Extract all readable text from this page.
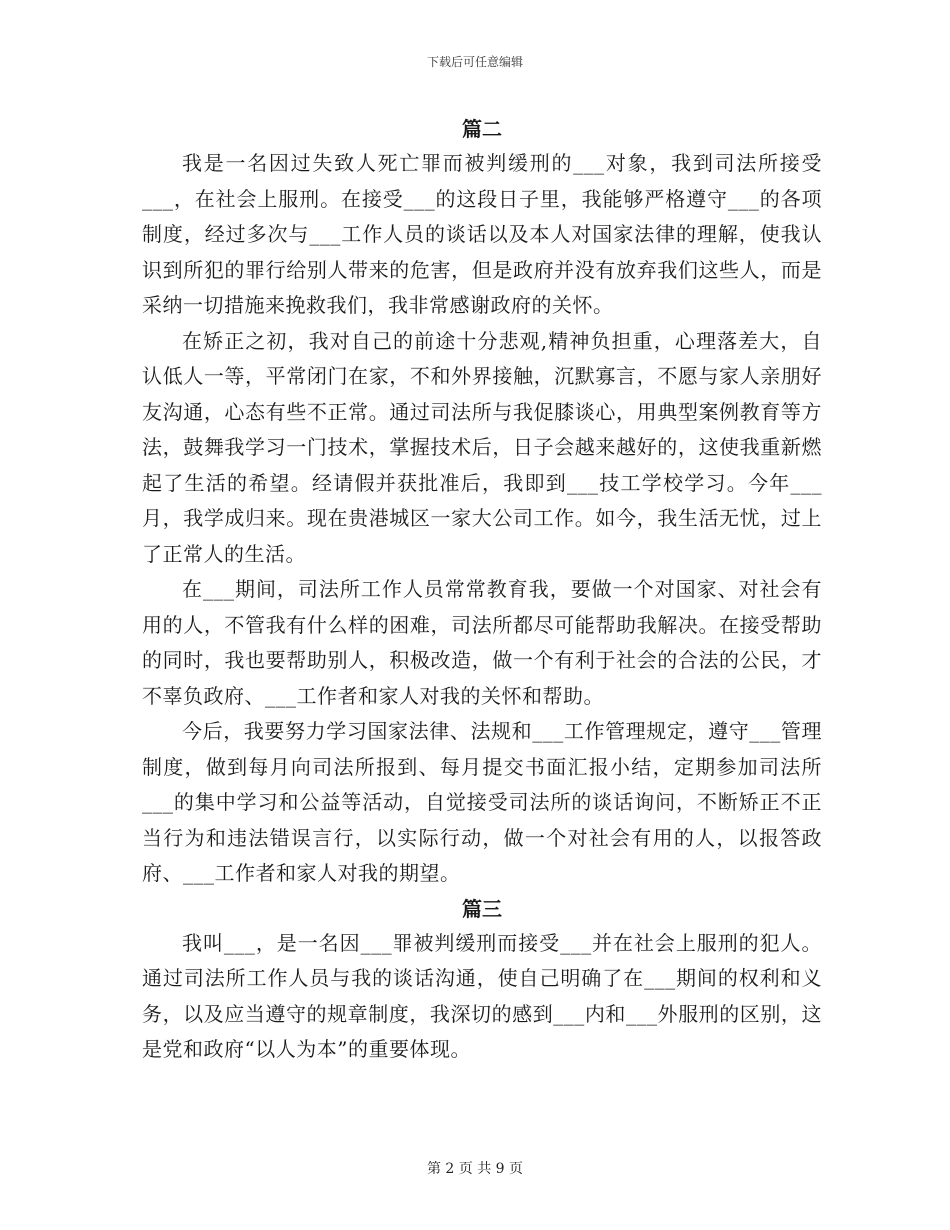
下载后可任意编辑
篇二

我是一名因过失致人死亡罪而被判缓刑的___对象，我到司法所接受___，在社会上服刑。在接受___的这段日子里，我能够严格遵守___的各项制度，经过多次与___工作人员的谈话以及本人对国家法律的理解，使我认识到所犯的罪行给别人带来的危害，但是政府并没有放弃我们这些人，而是采纳一切措施来挽救我们，我非常感谢政府的关怀。

在矫正之初，我对自己的前途十分悲观,精神负担重，心理落差大，自认低人一等，平常闭门在家，不和外界接触，沉默寡言，不愿与家人亲朋好友沟通，心态有些不正常。通过司法所与我促膝谈心，用典型案例教育等方法，鼓舞我学习一门技术，掌握技术后，日子会越来越好的，这使我重新燃起了生活的希望。经请假并获批准后，我即到___技工学校学习。今年___月，我学成归来。现在贵港城区一家大公司工作。如今，我生活无忧，过上了正常人的生活。

在___期间，司法所工作人员常常教育我，要做一个对国家、对社会有用的人，不管我有什么样的困难，司法所都尽可能帮助我解决。在接受帮助的同时，我也要帮助别人，积极改造，做一个有利于社会的合法的公民，才不辜负政府、___工作者和家人对我的关怀和帮助。

今后，我要努力学习国家法律、法规和___工作管理规定，遵守___管理制度，做到每月向司法所报到、每月提交书面汇报小结，定期参加司法所___的集中学习和公益等活动，自觉接受司法所的谈话询问，不断矫正不正当行为和违法错误言行，以实际行动，做一个对社会有用的人，以报答政府、___工作者和家人对我的期望。

篇三

我叫___，是一名因___罪被判缓刑而接受___并在社会上服刑的犯人。通过司法所工作人员与我的谈话沟通，使自己明确了在___期间的权利和义务，以及应当遵守的规章制度，我深切的感到___内和___外服刑的区别，这是党和政府“以人为本”的重要体现。

第 2 页 共 9 页
